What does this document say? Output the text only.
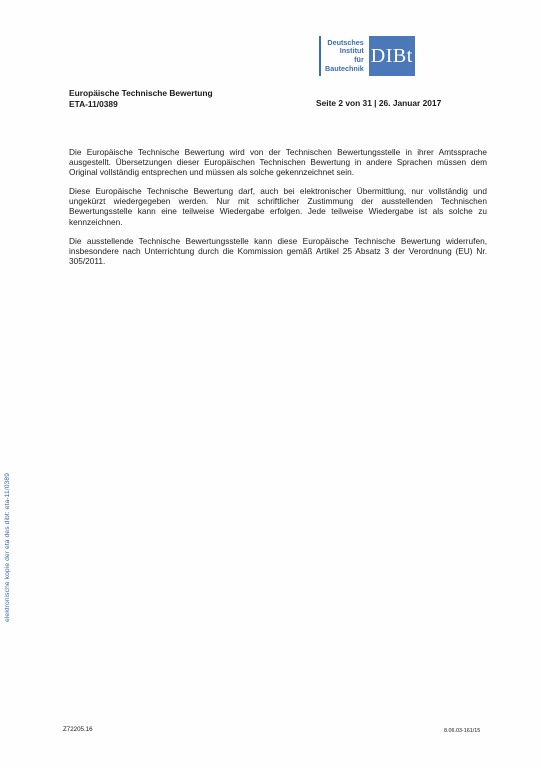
Deutsches
Institut
für
Bautechnik
DIBt
Europäische Technische Bewertung
ETA-11/0389	Seite 2 von 31 | 26. Januar 2017

Die Europäische Technische Bewertung wird von der Technischen Bewertungsstelle in ihrer Amtssprache ausgestellt. Übersetzungen dieser Europäischen Technischen Bewertung in andere Sprachen müssen dem Original vollständig entsprechen und müssen als solche gekennzeichnet sein.

Diese Europäische Technische Bewertung darf, auch bei elektronischer Übermittlung, nur vollständig und ungekürzt wiedergegeben werden. Nur mit schriftlicher Zustimmung der ausstellenden Technischen Bewertungsstelle kann eine teilweise Wiedergabe erfolgen. Jede teilweise Wiedergabe ist als solche zu kennzeichnen.

Die ausstellende Technische Bewertungsstelle kann diese Europäische Technische Bewertung widerrufen, insbesondere nach Unterrichtung durch die Kommission gemäß Artikel 25 Absatz 3 der Verordnung (EU) Nr. 305/2011.

elektronische kopie der eta des dibt: eta-11/0389
Z72205.16	8.06.03-161/15
